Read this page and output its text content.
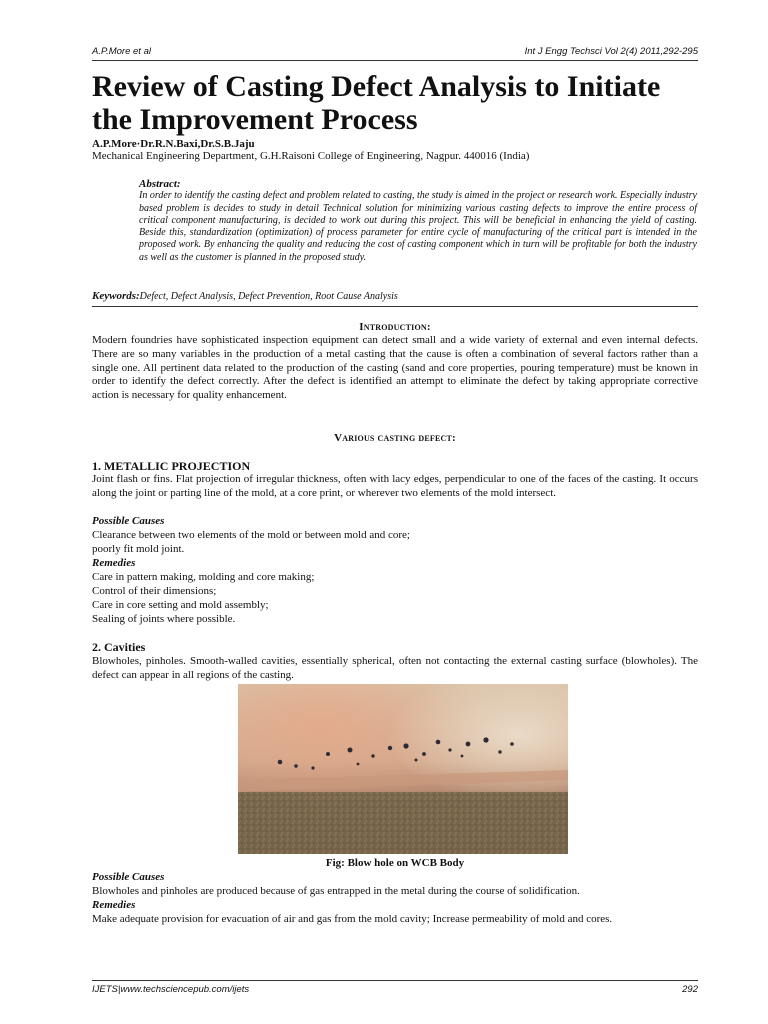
A.P.More et al	Int J Engg Techsci Vol 2(4) 2011,292-295
Review of Casting Defect Analysis to Initiate the Improvement Process
A.P.More·Dr.R.N.Baxi,Dr.S.B.Jaju
Mechanical Engineering Department, G.H.Raisoni College of Engineering, Nagpur. 440016 (India)
Abstract:
In order to identify the casting defect and problem related to casting, the study is aimed in the project or research work. Especially industry based problem is decides to study in detail Technical solution for minimizing various casting defects to improve the entire process of critical component manufacturing, is decided to work out during this project. This will be beneficial in enhancing the yield of casting. Beside this, standardization (optimization) of process parameter for entire cycle of manufacturing of the critical part is intended in the proposed work. By enhancing the quality and reducing the cost of casting component which in turn will be profitable for both the industry as well as the customer is planned in the proposed study.
Keywords:Defect, Defect Analysis, Defect Prevention, Root Cause Analysis
Introduction:

Modern foundries have sophisticated inspection equipment can detect small and a wide variety of external and even internal defects. There are so many variables in the production of a metal casting that the cause is often a combination of several factors rather than a single one. All pertinent data related to the production of the casting (sand and core properties, pouring temperature) must be known in order to identify the defect correctly. After the defect is identified an attempt to eliminate the defect by taking appropriate corrective action is necessary for quality enhancement.

Various casting defect:
1. METALLIC PROJECTION

Joint flash or fins. Flat projection of irregular thickness, often with lacy edges, perpendicular to one of the faces of the casting. It occurs along the joint or parting line of the mold, at a core print, or wherever two elements of the mold intersect.

Possible Causes
Clearance between two elements of the mold or between mold and core;
poorly fit mold joint.
Remedies
Care in pattern making, molding and core making;
Control of their dimensions;
Care in core setting and mold assembly;
Sealing of joints where possible.
2. Cavities

Blowholes, pinholes. Smooth-walled cavities, essentially spherical, often not contacting the external casting surface (blowholes). The defect can appear in all regions of the casting.

Fig: Blow hole on WCB Body
Possible Causes

Blowholes and pinholes are produced because of gas entrapped in the metal during the course of solidification.

Remedies

Make adequate provision for evacuation of air and gas from the mold cavity; Increase permeability of mold and cores.

IJETS|www.techsciencepub.com/ijets	292
